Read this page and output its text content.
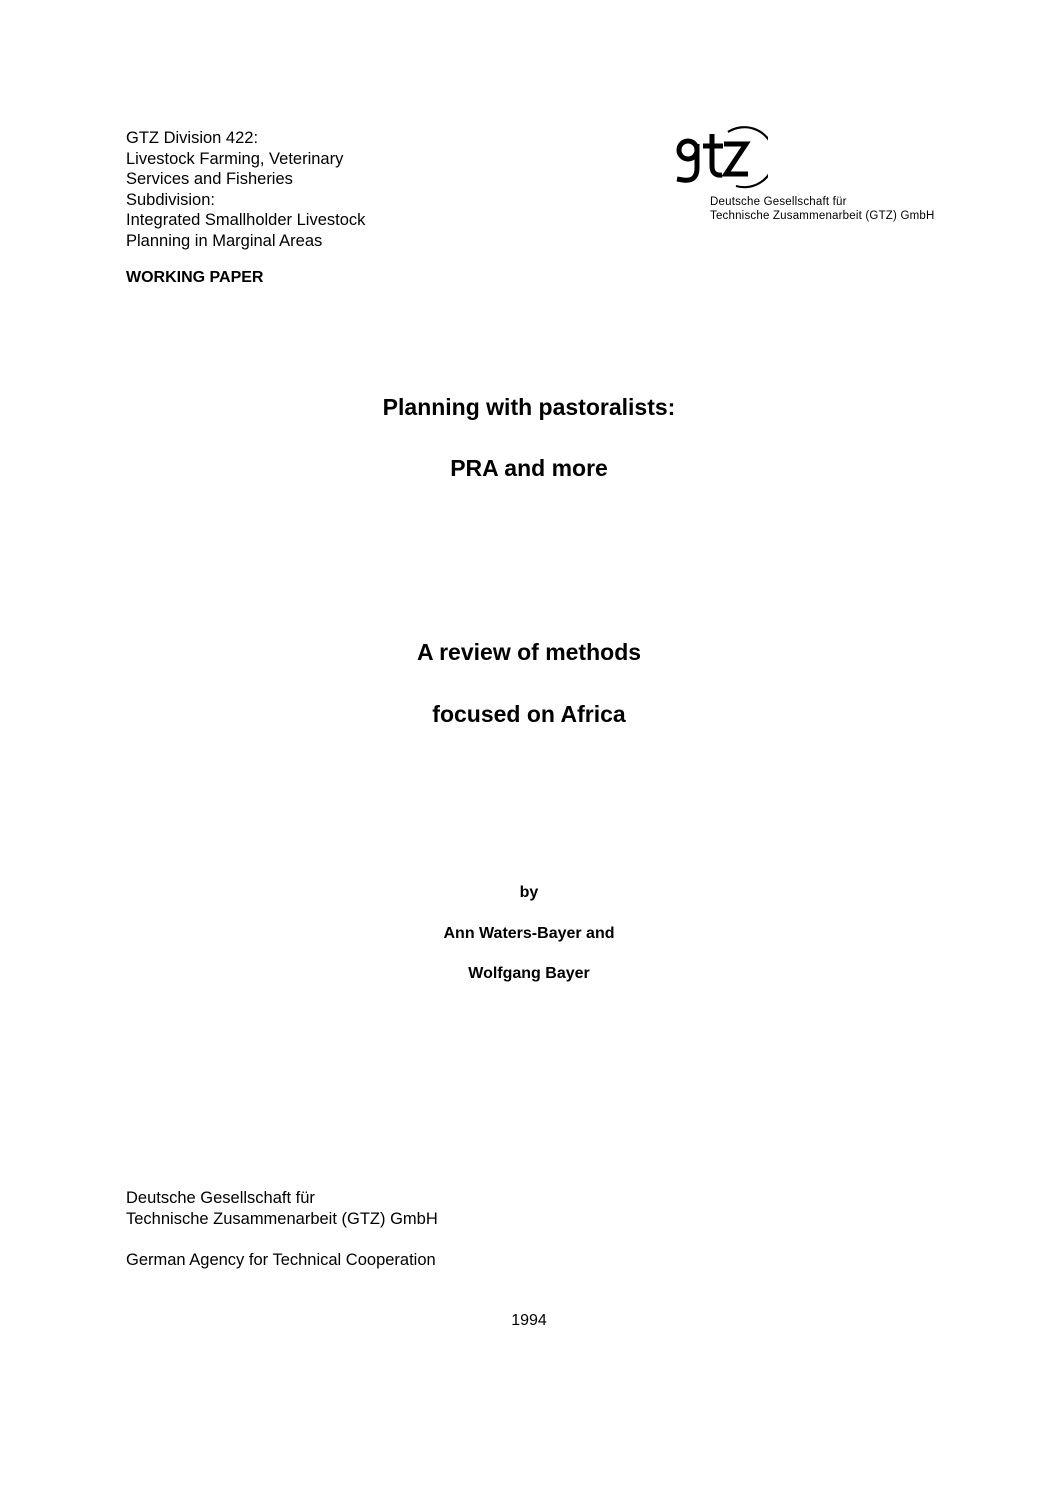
GTZ Division 422:
Livestock Farming, Veterinary
Services and Fisheries
Subdivision:
Integrated Smallholder Livestock
Planning in Marginal Areas
WORKING PAPER
Deutsche Gesellschaft für
Technische Zusammenarbeit (GTZ) GmbH
Planning with pastoralists:
PRA and more
A review of methods
focused on Africa
by
Ann Waters-Bayer and
Wolfgang Bayer
Deutsche Gesellschaft für
Technische Zusammenarbeit (GTZ) GmbH
German Agency for Technical Cooperation
1994
